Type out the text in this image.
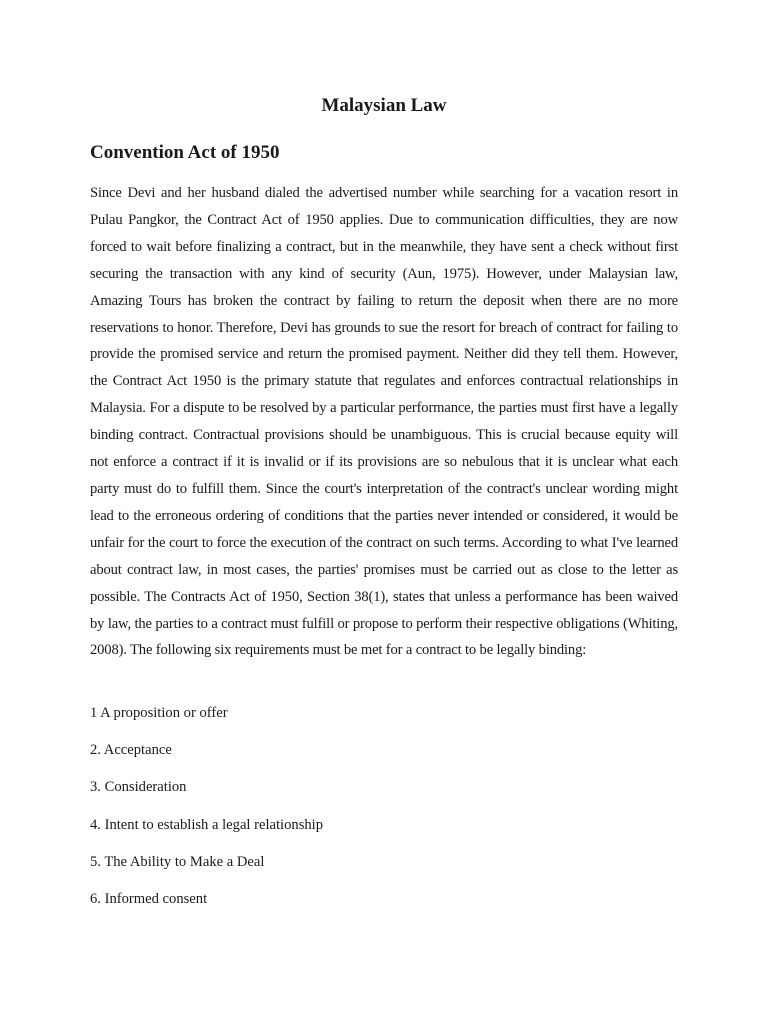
Malaysian Law
Convention Act of 1950

Since Devi and her husband dialed the advertised number while searching for a vacation resort in Pulau Pangkor, the Contract Act of 1950 applies. Due to communication difficulties, they are now forced to wait before finalizing a contract, but in the meanwhile, they have sent a check without first securing the transaction with any kind of security (Aun, 1975). However, under Malaysian law, Amazing Tours has broken the contract by failing to return the deposit when there are no more reservations to honor. Therefore, Devi has grounds to sue the resort for breach of contract for failing to provide the promised service and return the promised payment. Neither did they tell them. However, the Contract Act 1950 is the primary statute that regulates and enforces contractual relationships in Malaysia. For a dispute to be resolved by a particular performance, the parties must first have a legally binding contract. Contractual provisions should be unambiguous. This is crucial because equity will not enforce a contract if it is invalid or if its provisions are so nebulous that it is unclear what each party must do to fulfill them. Since the court's interpretation of the contract's unclear wording might lead to the erroneous ordering of conditions that the parties never intended or considered, it would be unfair for the court to force the execution of the contract on such terms. According to what I've learned about contract law, in most cases, the parties' promises must be carried out as close to the letter as possible. The Contracts Act of 1950, Section 38(1), states that unless a performance has been waived by law, the parties to a contract must fulfill or propose to perform their respective obligations (Whiting, 2008). The following six requirements must be met for a contract to be legally binding:

1 A proposition or offer
2. Acceptance
3. Consideration
4. Intent to establish a legal relationship
5. The Ability to Make a Deal
6. Informed consent
